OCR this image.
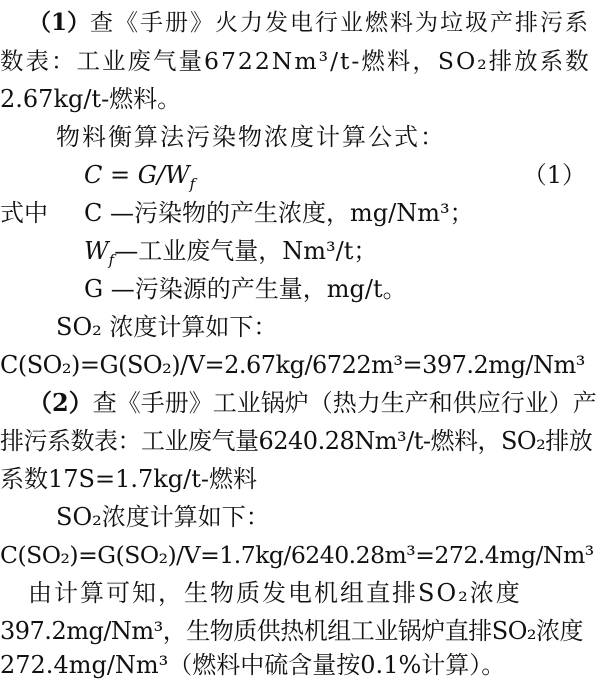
（1）查《手册》火力发电行业燃料为垃圾产排污系
数表：工业废气量6722Nm³/t-燃料，SO₂排放系数
2.67kg/t-燃料。
物料衡算法污染物浓度计算公式：
$C = G/W_f$	（1）
式中 C —污染物的产生浓度，mg/Nm³；
$W_f—$工业废气量，Nm³/t；
G —污染源的产生量，mg/t。
SO₂ 浓度计算如下：
C(SO₂)=G(SO₂)/V=2.67kg/6722m³=397.2mg/Nm³
（2）查《手册》工业锅炉（热力生产和供应行业）产
排污系数表：工业废气量6240.28Nm³/t-燃料，SO₂排放
系数17S=1.7kg/t-燃料
SO₂浓度计算如下：
C(SO₂)=G(SO₂)/V=1.7kg/6240.28m³=272.4mg/Nm³
由计算可知，生物质发电机组直排SO₂浓度
397.2mg/Nm³，生物质供热机组工业锅炉直排SO₂浓度
272.4mg/Nm³（燃料中硫含量按0.1%计算）。
